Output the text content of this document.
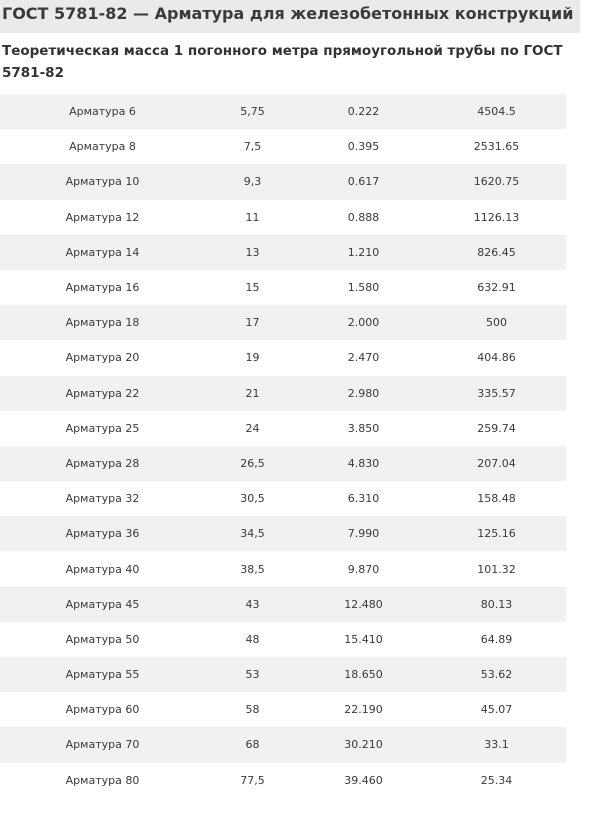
ГОСТ 5781-82 — Арматура для железобетонных конструкций
Теоретическая масса 1 погонного метра прямоугольной трубы по ГОСТ 5781-82
Арматура 6	5,75	0.222	4504.5
Арматура 8	7,5	0.395	2531.65
Арматура 10	9,3	0.617	1620.75
Арматура 12	11	0.888	1126.13
Арматура 14	13	1.210	826.45
Арматура 16	15	1.580	632.91
Арматура 18	17	2.000	500
Арматура 20	19	2.470	404.86
Арматура 22	21	2.980	335.57
Арматура 25	24	3.850	259.74
Арматура 28	26,5	4.830	207.04
Арматура 32	30,5	6.310	158.48
Арматура 36	34,5	7.990	125.16
Арматура 40	38,5	9.870	101.32
Арматура 45	43	12.480	80.13
Арматура 50	48	15.410	64.89
Арматура 55	53	18.650	53.62
Арматура 60	58	22.190	45.07
Арматура 70	68	30.210	33.1
Арматура 80	77,5	39.460	25.34
